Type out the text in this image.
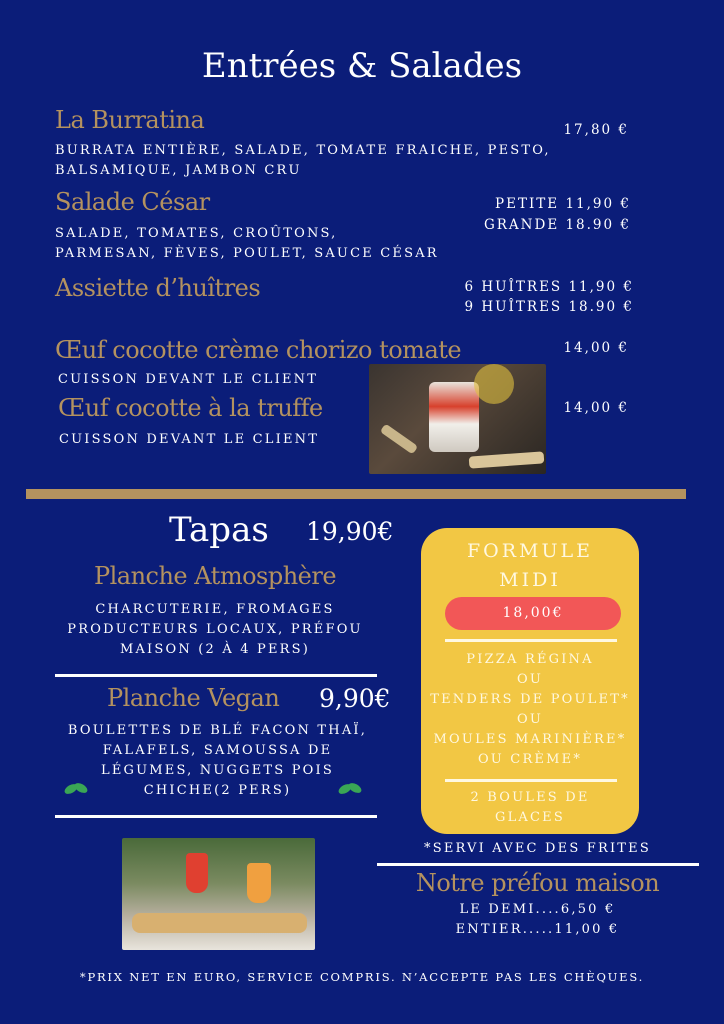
Entrées & Salades
La Burratina	17,80 €
BURRATA ENTIÈRE, SALADE, TOMATE FRAICHE, PESTO,
BALSAMIQUE, JAMBON CRU
Salade César	PETITE 11,90 €
GRANDE 18.90 €
SALADE, TOMATES, CROÛTONS,
PARMESAN, FÈVES, POULET, SAUCE CÉSAR
Assiette d’huîtres	6 HUÎTRES 11,90 €
9 HUÎTRES 18.90 €
Œuf cocotte crème chorizo tomate	14,00 €
CUISSON DEVANT LE CLIENT
Œuf cocotte à la truffe	14,00 €
CUISSON DEVANT LE CLIENT
Tapas 19,90€
Planche Atmosphère
CHARCUTERIE, FROMAGES
PRODUCTEURS LOCAUX, PRÉFOU
MAISON (2 À 4 PERS)
Planche Vegan 9,90€
BOULETTES DE BLÉ FACON THAÏ,
FALAFELS, SAMOUSSA DE
LÉGUMES, NUGGETS POIS
CHICHE(2 PERS)
FORMULE
MIDI
18,00€
PIZZA RÉGINA
OU
TENDERS DE POULET*
OU
MOULES MARINIÈRE*
OU CRÈME*
2 BOULES DE
GLACES
*SERVI AVEC DES FRITES
Notre préfou maison
LE DEMI....6,50 €
ENTIER.....11,00 €
*PRIX NET EN EURO, SERVICE COMPRIS. N’ACCEPTE PAS LES CHÈQUES.
